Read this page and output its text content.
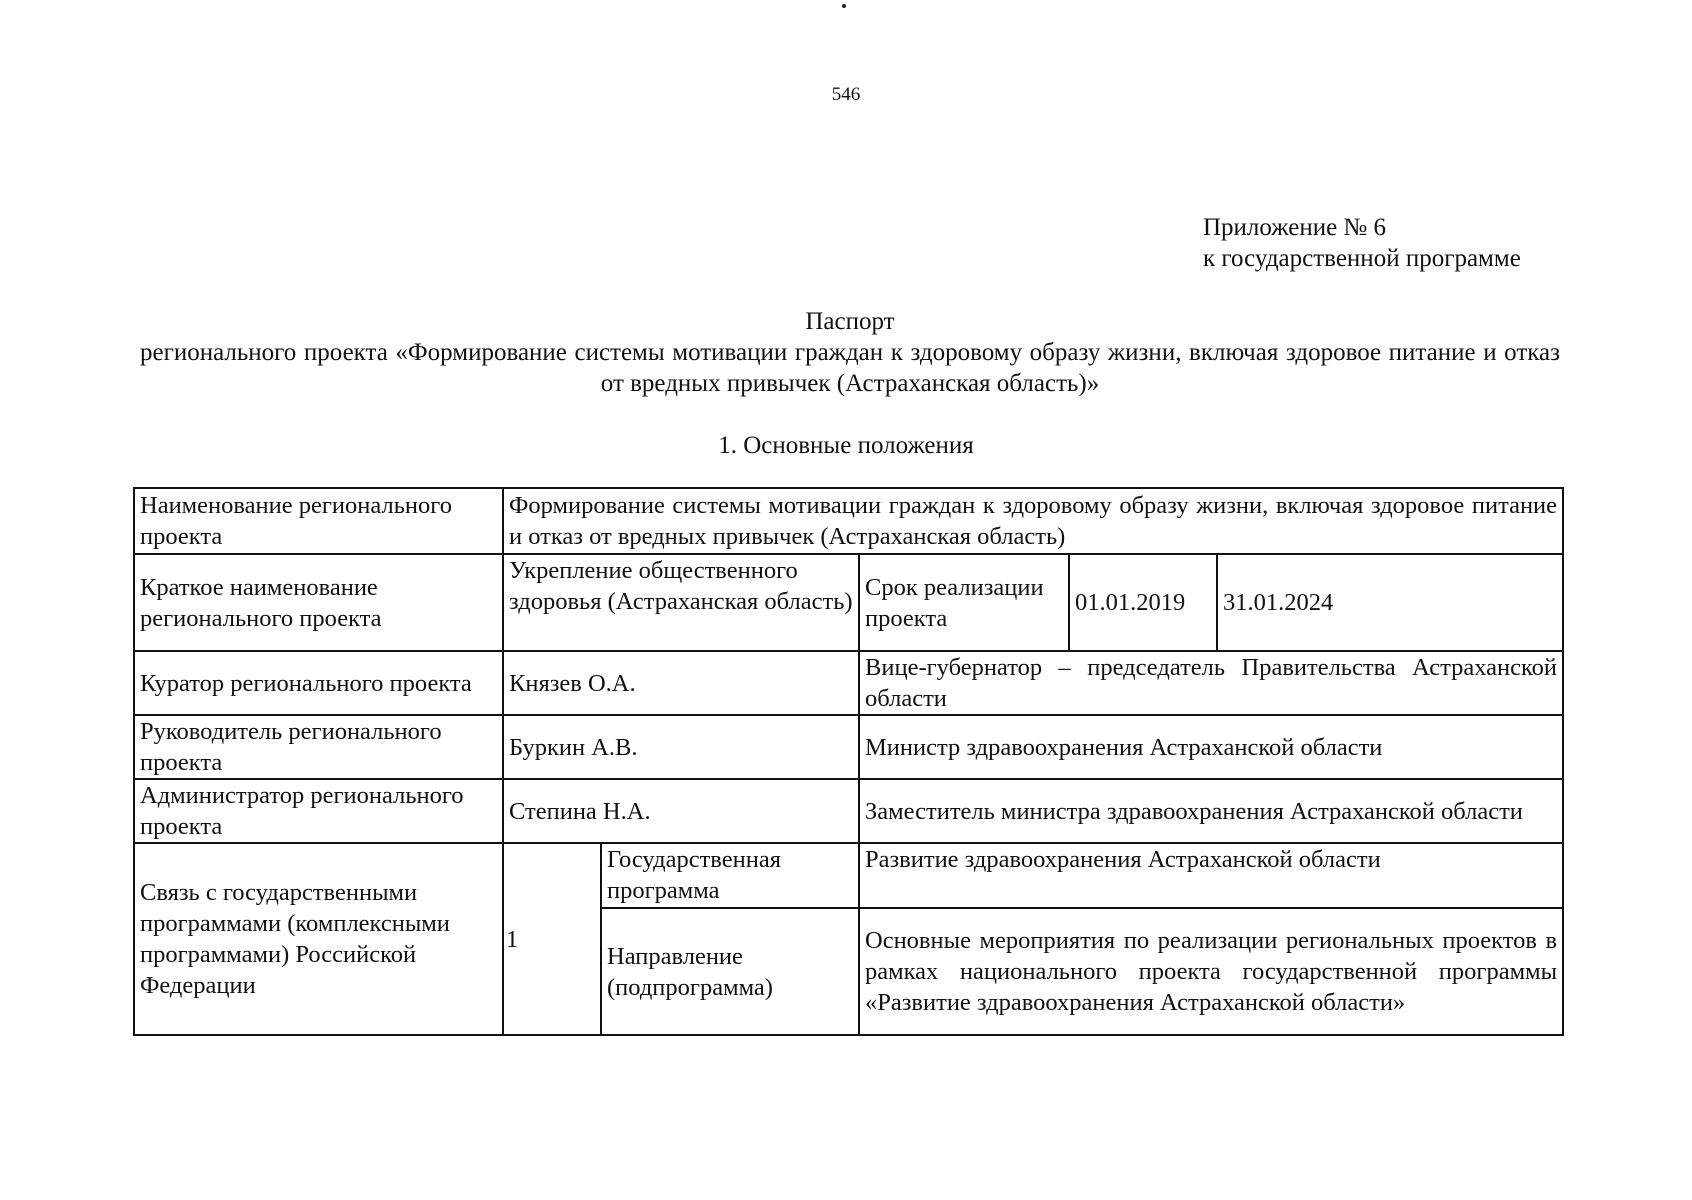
546
Приложение № 6
к государственной программе
Паспорт
регионального проекта «Формирование системы мотивации граждан к здоровому образу жизни, включая здоровое питание и отказ от вредных привычек (Астраханская область)»
1. Основные положения
Наименование регионального проекта	Формирование системы мотивации граждан к здоровому образу жизни, включая здоровое питание и отказ от вредных привычек (Астраханская область)				
Краткое наименование регионального проекта	Укрепление общественного здоровья (Астраханская область)		Срок реализации проекта	01.01.2019	31.01.2024
Куратор регионального проекта	Князев О.А.		Вице-губернатор – председатель Правительства Астраханской области		
Руководитель регионального проекта	Буркин А.В.		Министр здравоохранения Астраханской области		
Администратор регионального проекта	Степина Н.А.		Заместитель министра здравоохранения Астраханской области		
Связь с государственными программами (комплексными программами) Российской Федерации	1	Государственная программа	Развитие здравоохранения Астраханской области		
		Направление (подпрограмма)	Основные мероприятия по реализации региональных проектов в рамках национального проекта государственной программы «Развитие здравоохранения Астраханской области»		
